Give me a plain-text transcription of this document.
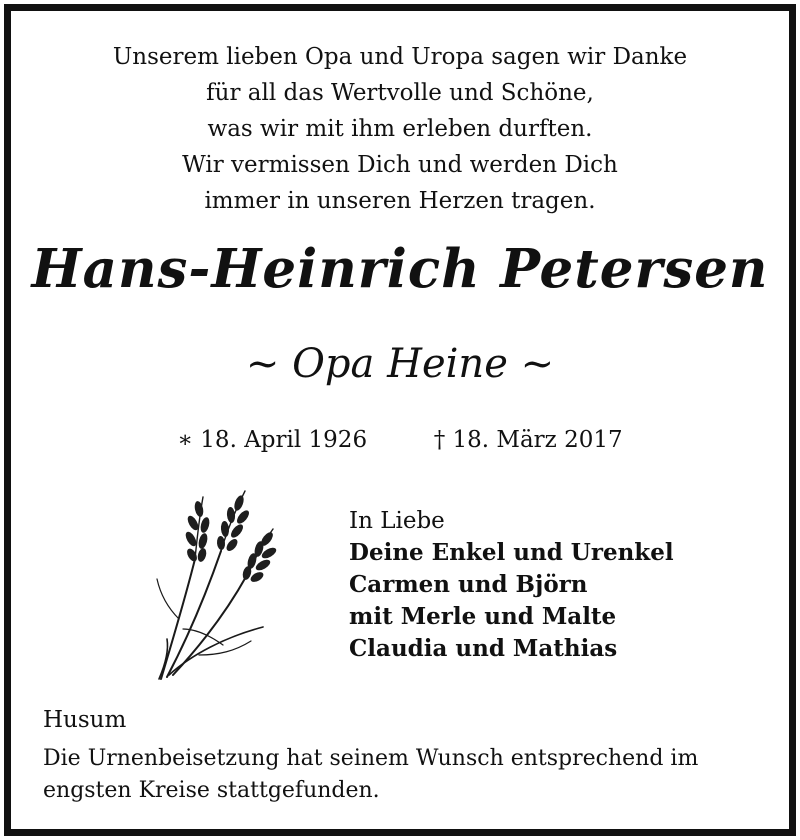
Unserem lieben Opa und Uropa sagen wir Danke
für all das Wertvolle und Schöne,
was wir mit ihm erleben durften.
Wir vermissen Dich und werden Dich
immer in unseren Herzen tragen.
Hans-Heinrich Petersen
~ Opa Heine ~
∗ 18. April 1926	† 18. März 2017
In Liebe
Deine Enkel und Urenkel
Carmen und Björn
mit Merle und Malte
Claudia und Mathias
Husum
Die Urnenbeisetzung hat seinem Wunsch entsprechend im engsten Kreise stattgefunden.
